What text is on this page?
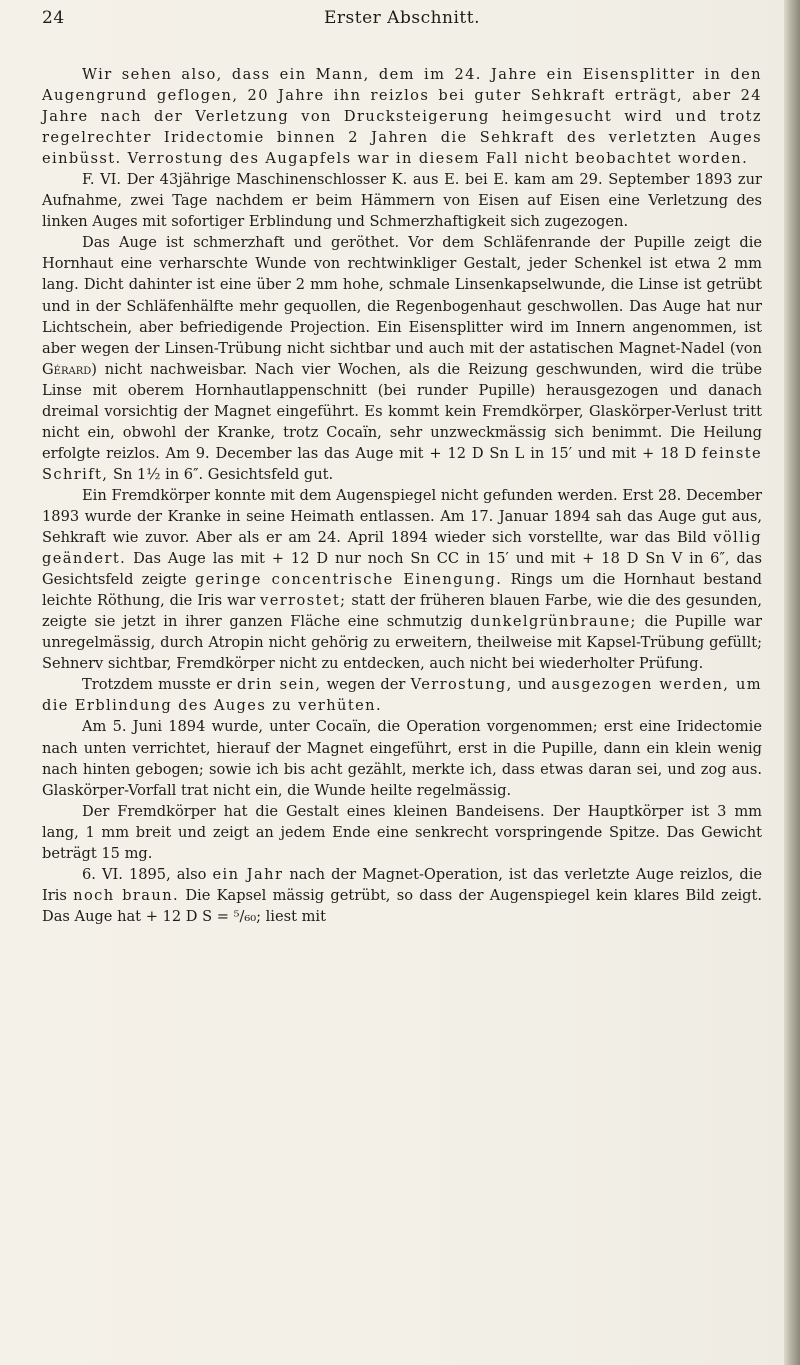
24	Erster Abschnitt.

Wir sehen also, dass ein Mann, dem im 24. Jahre ein Eisensplitter in den Augengrund geflogen, 20 Jahre ihn reizlos bei guter Sehkraft erträgt, aber 24 Jahre nach der Verletzung von Drucksteigerung heimgesucht wird und trotz regelrechter Iridectomie binnen 2 Jahren die Sehkraft des verletzten Auges einbüsst. Verrostung des Augapfels war in diesem Fall nicht beobachtet worden.

F. VI. Der 43jährige Maschinenschlosser K. aus E. bei E. kam am 29. September 1893 zur Aufnahme, zwei Tage nachdem er beim Hämmern von Eisen auf Eisen eine Verletzung des linken Auges mit sofortiger Erblindung und Schmerzhaftigkeit sich zugezogen.

Das Auge ist schmerzhaft und geröthet. Vor dem Schläfenrande der Pupille zeigt die Hornhaut eine verharschte Wunde von rechtwinkliger Gestalt, jeder Schenkel ist etwa 2 mm lang. Dicht dahinter ist eine über 2 mm hohe, schmale Linsenkapselwunde, die Linse ist getrübt und in der Schläfenhälfte mehr gequollen, die Regenbogenhaut geschwollen. Das Auge hat nur Lichtschein, aber befriedigende Projection. Ein Eisensplitter wird im Innern angenommen, ist aber wegen der Linsen-Trübung nicht sichtbar und auch mit der astatischen Magnet-Nadel (von Gérard) nicht nachweisbar. Nach vier Wochen, als die Reizung geschwunden, wird die trübe Linse mit oberem Hornhautlappenschnitt (bei runder Pupille) herausgezogen und danach dreimal vorsichtig der Magnet eingeführt. Es kommt kein Fremdkörper, Glaskörper-Verlust tritt nicht ein, obwohl der Kranke, trotz Cocaïn, sehr unzweckmässig sich benimmt. Die Heilung erfolgte reizlos. Am 9. December las das Auge mit + 12 D Sn L in 15′ und mit + 18 D feinste Schrift, Sn 1½ in 6″. Gesichtsfeld gut.

Ein Fremdkörper konnte mit dem Augenspiegel nicht gefunden werden. Erst 28. December 1893 wurde der Kranke in seine Heimath entlassen. Am 17. Januar 1894 sah das Auge gut aus, Sehkraft wie zuvor. Aber als er am 24. April 1894 wieder sich vorstellte, war das Bild völlig geändert. Das Auge las mit + 12 D nur noch Sn CC in 15′ und mit + 18 D Sn V in 6″, das Gesichtsfeld zeigte geringe concentrische Einengung. Rings um die Hornhaut bestand leichte Röthung, die Iris war verrostet; statt der früheren blauen Farbe, wie die des gesunden, zeigte sie jetzt in ihrer ganzen Fläche eine schmutzig dunkelgrünbraune; die Pupille war unregelmässig, durch Atropin nicht gehörig zu erweitern, theilweise mit Kapsel-Trübung gefüllt; Sehnerv sichtbar, Fremdkörper nicht zu entdecken, auch nicht bei wiederholter Prüfung.

Trotzdem musste er drin sein, wegen der Verrostung, und ausgezogen werden, um die Erblindung des Auges zu verhüten.

Am 5. Juni 1894 wurde, unter Cocaïn, die Operation vorgenommen; erst eine Iridectomie nach unten verrichtet, hierauf der Magnet eingeführt, erst in die Pupille, dann ein klein wenig nach hinten gebogen; sowie ich bis acht gezählt, merkte ich, dass etwas daran sei, und zog aus. Glaskörper-Vorfall trat nicht ein, die Wunde heilte regelmässig.

Der Fremdkörper hat die Gestalt eines kleinen Bandeisens. Der Hauptkörper ist 3 mm lang, 1 mm breit und zeigt an jedem Ende eine senkrecht vorspringende Spitze. Das Gewicht beträgt 15 mg.

6. VI. 1895, also ein Jahr nach der Magnet-Operation, ist das verletzte Auge reizlos, die Iris noch braun. Die Kapsel mässig getrübt, so dass der Augenspiegel kein klares Bild zeigt. Das Auge hat + 12 D S = ⁵/₆₀; liest mit
